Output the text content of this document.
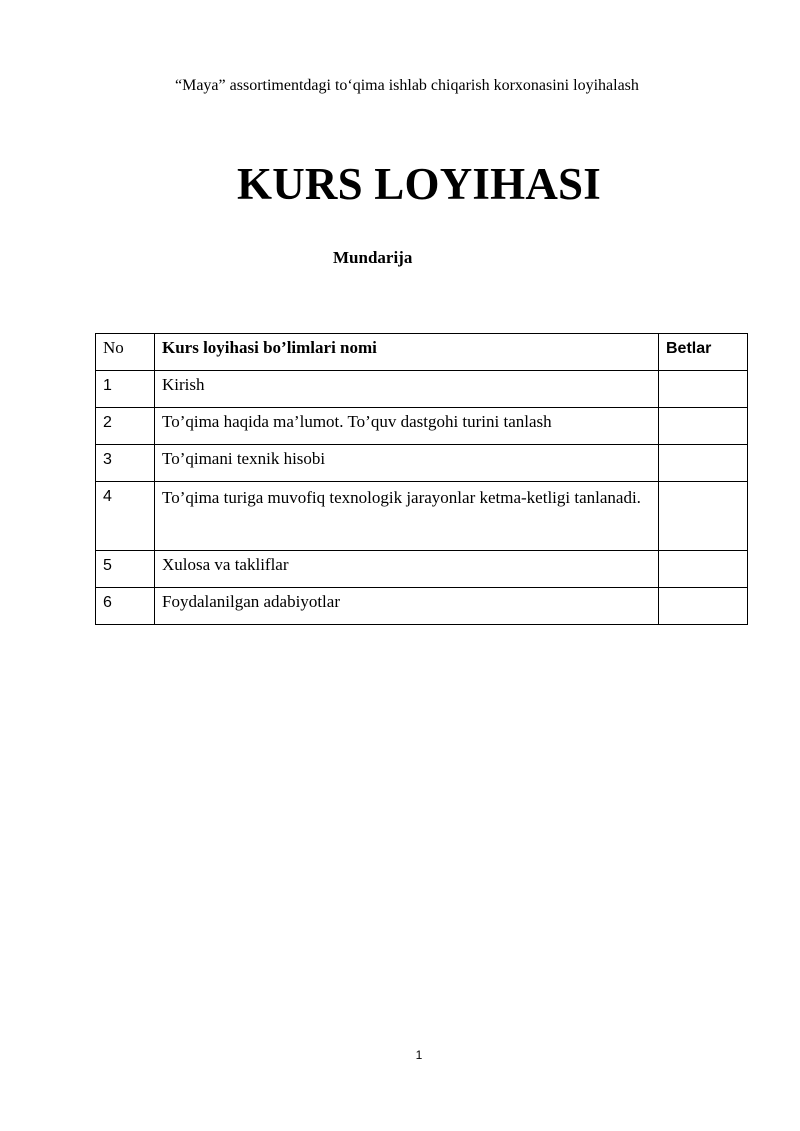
“Maya” assortimentdagi to‘qima ishlab chiqarish korxonasini loyihalash
KURS LOYIHASI
Mundarija
No	Kurs loyihasi bo’limlari nomi	Betlar
1	Kirish	
2	To’qima haqida ma’lumot. To’quv dastgohi turini tanlash	
3	To’qimani texnik hisobi	
4	To’qima turiga muvofiq texnologik jarayonlar ketma-ketligi tanlanadi.	
5	Xulosa va takliflar	
6	Foydalanilgan adabiyotlar	
1
